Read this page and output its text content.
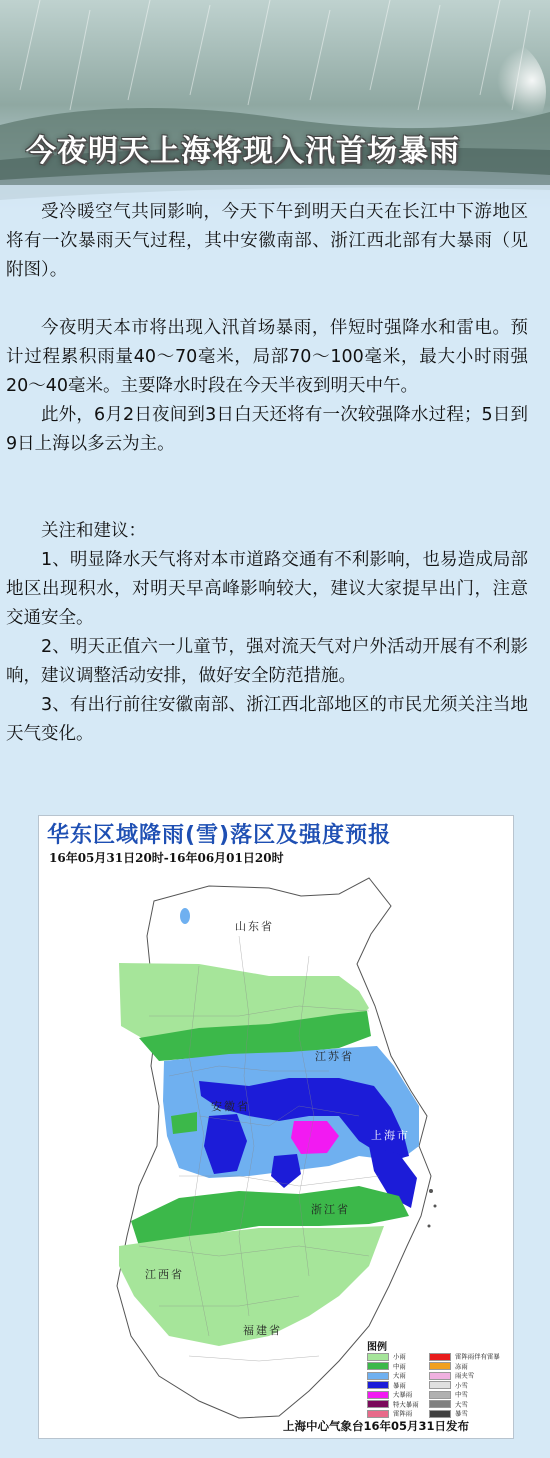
今夜明天上海将现入汛首场暴雨

受冷暖空气共同影响，今天下午到明天白天在长江中下游地区将有一次暴雨天气过程，其中安徽南部、浙江西北部有大暴雨（见附图）。

今夜明天本市将出现入汛首场暴雨，伴短时强降水和雷电。预计过程累积雨量40～70毫米，局部70～100毫米，最大小时雨强20～40毫米。主要降水时段在今天半夜到明天中午。

此外，6月2日夜间到3日白天还将有一次较强降水过程；5日到9日上海以多云为主。

关注和建议：

1、明显降水天气将对本市道路交通有不利影响，也易造成局部地区出现积水，对明天早高峰影响较大，建议大家提早出门，注意交通安全。

2、明天正值六一儿童节，强对流天气对户外活动开展有不利影响，建议调整活动安排，做好安全防范措施。

3、有出行前往安徽南部、浙江西北部地区的市民尤须关注当地天气变化。

华东区域降雨(雪)落区及强度预报
16年05月31日20时-16年06月01日20时
山东省
江苏省
安徽省
上海市
浙江省
江西省
福建省
图例
小雨
中雨
大雨
暴雨
大暴雨
特大暴雨
雷阵雨
雷阵雨伴有雷暴
冻雨
雨夹雪
小雪
中雪
大雪
暴雪
上海中心气象台16年05月31日发布
